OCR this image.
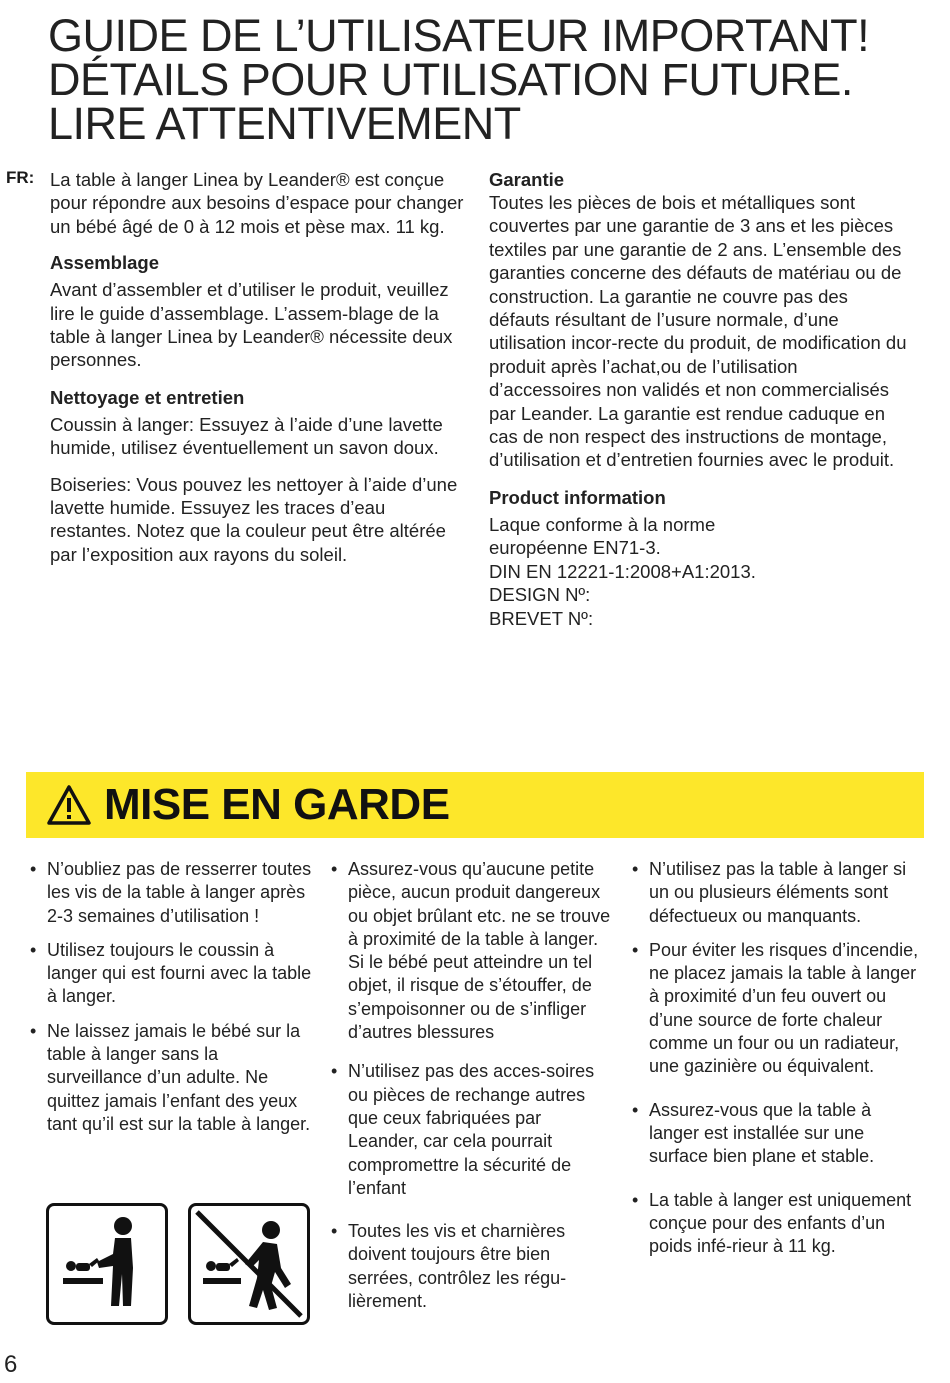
GUIDE DE L’UTILISATEUR IMPORTANT!
DÉTAILS POUR UTILISATION FUTURE.
LIRE ATTENTIVEMENT
FR: La table à langer Linea by Leander® est conçue pour répondre aux besoins d’espace pour changer un bébé âgé de 0 à 12 mois et pèse max. 11 kg.

Assemblage

Avant d’assembler et d’utiliser le produit, veuillez lire le guide d’assemblage. L’assem-blage de la table à langer Linea by Leander® nécessite deux personnes.

Nettoyage et entretien

Coussin à langer: Essuyez à l’aide d’une lavette humide, utilisez éventuellement un savon doux.

Boiseries: Vous pouvez les nettoyer à l’aide d’une lavette humide. Essuyez les traces d’eau restantes. Notez que la couleur peut être altérée par l’exposition aux rayons du soleil.

Garantie

Toutes les pièces de bois et métalliques sont couvertes par une garantie de 3 ans et les pièces textiles par une garantie de 2 ans. L’ensemble des garanties concerne des défauts de matériau ou de construction. La garantie ne couvre pas des défauts résultant de l’usure normale, d’une utilisation incor-recte du produit, de modification du produit après l’achat,ou de l’utilisation d’accessoires non validés et non commercialisés par Leander. La garantie est rendue caduque en cas de non respect des instructions de montage, d’utilisation et d’entretien fournies avec le produit.

Product information
Laque conforme à la norme
européenne EN71-3.
DIN EN 12221-1:2008+A1:2013.
DESIGN Nº:
BREVET Nº:
MISE EN GARDE
• N’oubliez pas de resserrer toutes les vis de la table à langer après 2-3 semaines d’utilisation !
• Utilisez toujours le coussin à langer qui est fourni avec la table à langer.
• Ne laissez jamais le bébé sur la table à langer sans la surveillance d’un adulte. Ne quittez jamais l’enfant des yeux tant qu’il est sur la table à langer.
• Assurez-vous qu’aucune petite pièce, aucun produit dangereux ou objet brûlant etc. ne se trouve à proximité de la table à langer. Si le bébé peut atteindre un tel objet, il risque de s’étouffer, de s’empoisonner ou de s’infliger d’autres blessures
• N’utilisez pas des acces-soires ou pièces de rechange autres que ceux fabriquées par Leander, car cela pourrait compromettre la sécurité de l’enfant
• Toutes les vis et charnières doivent toujours être bien serrées, contrôlez les régu-lièrement.
• N’utilisez pas la table à langer si un ou plusieurs éléments sont défectueux ou manquants.
• Pour éviter les risques d’incendie, ne placez jamais la table à langer à proximité d’un feu ouvert ou d’une source de forte chaleur comme un four ou un radiateur, une gazinière ou équivalent.
• Assurez-vous que la table à langer est installée sur une surface bien plane et stable.
• La table à langer est uniquement conçue pour des enfants d’un poids infé-rieur à 11 kg.
6
